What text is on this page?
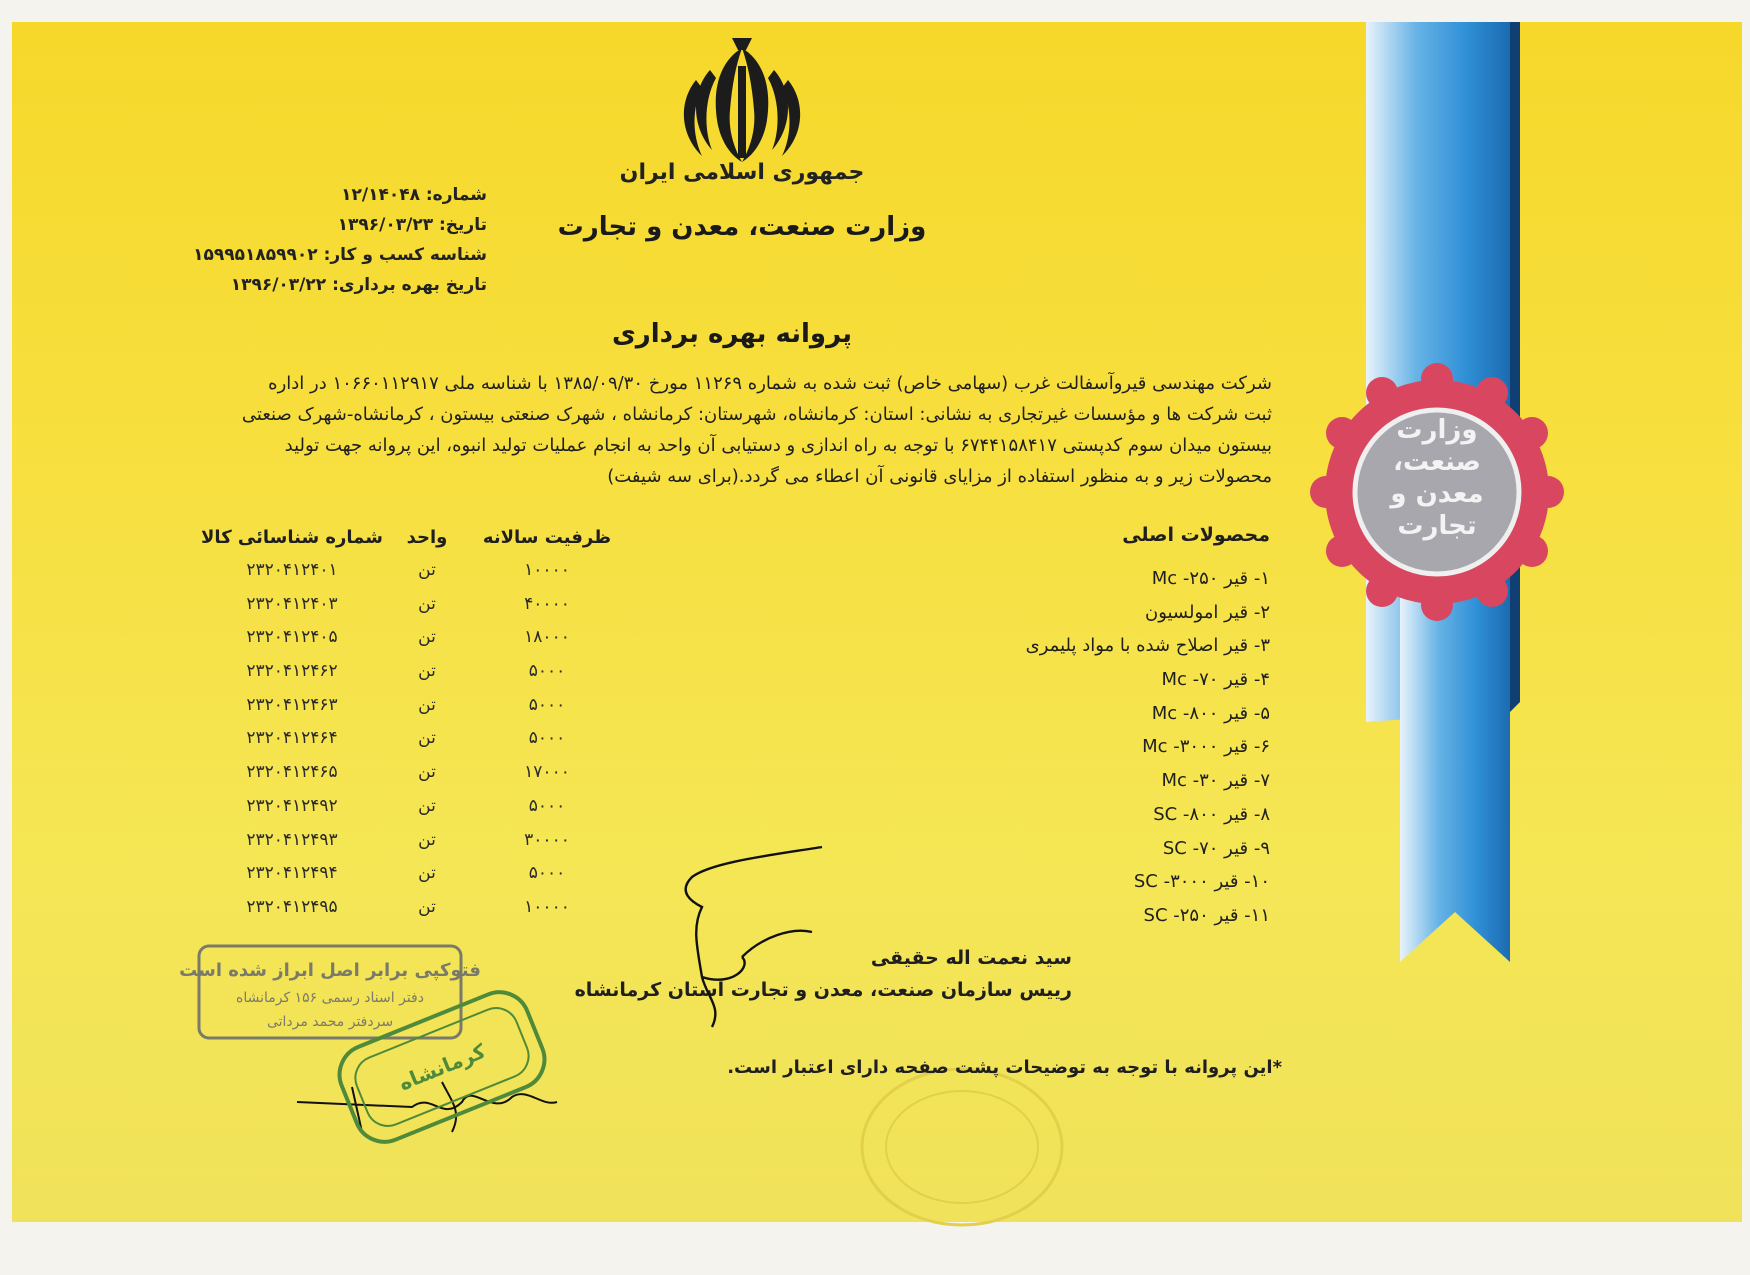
جمهوری اسلامی ایران
وزارت صنعت، معدن و تجارت
شماره: ۱۲/۱۴۰۴۸
تاریخ: ۱۳۹۶/۰۳/۲۳
شناسه کسب و کار: ۱۵۹۹۵۱۸۵۹۹۰۲
تاریخ بهره برداری: ۱۳۹۶/۰۳/۲۲
پروانه بهره برداری
شرکت مهندسی قیروآسفالت غرب (سهامی خاص) ثبت شده به شماره ۱۱۲۶۹ مورخ ۱۳۸۵/۰۹/۳۰ با شناسه ملی ۱۰۶۶۰۱۱۲۹۱۷ در اداره
ثبت شرکت ها و مؤسسات غیرتجاری به نشانی: استان: کرمانشاه، شهرستان: کرمانشاه ، شهرک صنعتی بیستون ، کرمانشاه-شهرک صنعتی
بیستون میدان سوم کدپستی ۶۷۴۴۱۵۸۴۱۷ با توجه به راه اندازی و دستیابی آن واحد به انجام عملیات تولید انبوه، این پروانه جهت تولید
محصولات زیر و به منظور استفاده از مزایای قانونی آن اعطاء می گردد.(برای سه شیفت)
محصولات اصلی
۱- قیر Mc -۲۵۰
۲- قیر امولسیون
۳- قیر اصلاح شده با مواد پلیمری
۴- قیر Mc -۷۰
۵- قیر Mc -۸۰۰
۶- قیر Mc -۳۰۰۰
۷- قیر Mc -۳۰
۸- قیر SC -۸۰۰
۹- قیر SC -۷۰
۱۰- قیر SC -۳۰۰۰
۱۱- قیر SC -۲۵۰
شماره شناسائی کالا	واحد	ظرفیت سالانه
۲۳۲۰۴۱۲۴۰۱	تن	۱۰۰۰۰
۲۳۲۰۴۱۲۴۰۳	تن	۴۰۰۰۰
۲۳۲۰۴۱۲۴۰۵	تن	۱۸۰۰۰
۲۳۲۰۴۱۲۴۶۲	تن	۵۰۰۰
۲۳۲۰۴۱۲۴۶۳	تن	۵۰۰۰
۲۳۲۰۴۱۲۴۶۴	تن	۵۰۰۰
۲۳۲۰۴۱۲۴۶۵	تن	۱۷۰۰۰
۲۳۲۰۴۱۲۴۹۲	تن	۵۰۰۰
۲۳۲۰۴۱۲۴۹۳	تن	۳۰۰۰۰
۲۳۲۰۴۱۲۴۹۴	تن	۵۰۰۰
۲۳۲۰۴۱۲۴۹۵	تن	۱۰۰۰۰
سید نعمت اله حقیقی
رییس سازمان صنعت، معدن و تجارت استان کرمانشاه
فتوکپی برابر اصل ابراز شده است
دفتر اسناد رسمی ۱۵۶ کرمانشاه
سردفتر محمد مرداتی
کرمانشاه	*این پروانه با توجه به توضیحات پشت صفحه دارای اعتبار است.
وزارت
صنعت،
معدن و
تجارت
